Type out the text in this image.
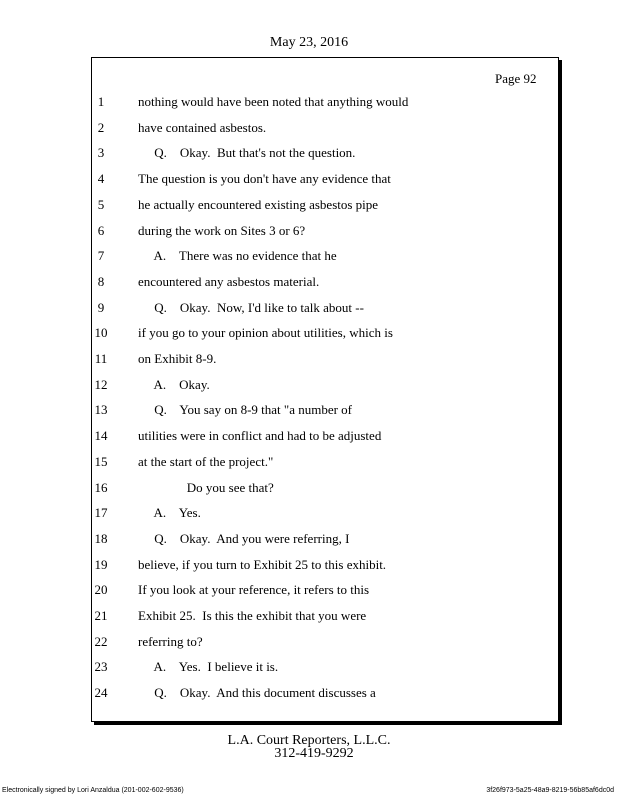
May 23, 2016
Page 92
1	nothing would have been noted that anything would
2	have contained asbestos.
3	Q.    Okay.  But that's not the question.
4	The question is you don't have any evidence that
5	he actually encountered existing asbestos pipe
6	during the work on Sites 3 or 6?
7	A.    There was no evidence that he
8	encountered any asbestos material.
9	Q.    Okay.  Now, I'd like to talk about --
10	if you go to your opinion about utilities, which is
11	on Exhibit 8-9.
12	A.    Okay.
13	Q.    You say on 8-9 that "a number of
14	utilities were in conflict and had to be adjusted
15	at the start of the project."
16	Do you see that?
17	A.    Yes.
18	Q.    Okay.  And you were referring, I
19	believe, if you turn to Exhibit 25 to this exhibit.
20	If you look at your reference, it refers to this
21	Exhibit 25.  Is this the exhibit that you were
22	referring to?
23	A.    Yes.  I believe it is.
24	Q.    Okay.  And this document discusses a
L.A. Court Reporters, L.L.C.
312-419-9292
Electronically signed by Lori Anzaldua (201-002-602-9536)	3f26f973-5a25-48a9-8219-56b85af6dc0d
